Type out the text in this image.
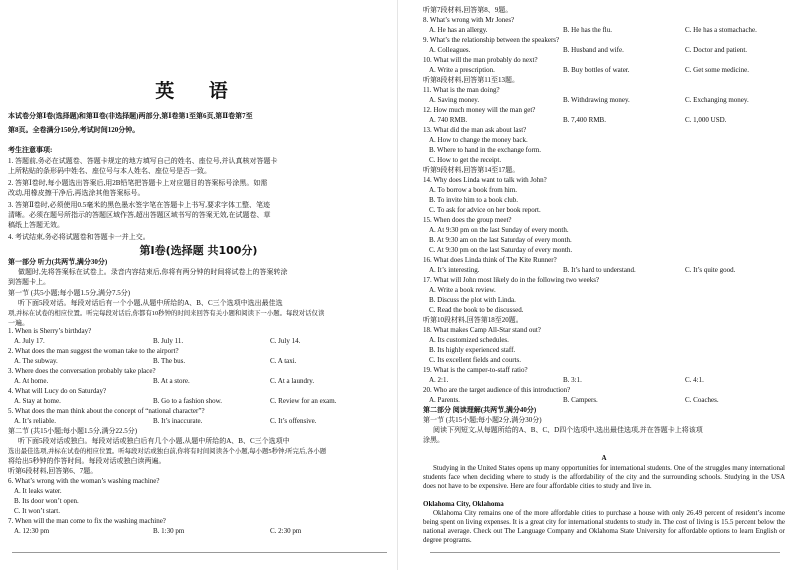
英 语
本试卷分第Ⅰ卷(选择题)和第Ⅱ卷(非选择题)两部分,第Ⅰ卷第1至第6页,第Ⅱ卷第7至
第8页。全卷满分150分,考试时间120分钟。
考生注意事项:
1. 答题前,务必在试题卷、答题卡规定的地方填写自己的姓名、座位号,并认真核对答题卡
上所粘贴的条形码中姓名、座位号与本人姓名、座位号是否一致。
2. 答第Ⅰ卷时,每小题选出答案后,用2B铅笔把答题卡上对应题目的答案标号涂黑。如需
改动,用橡皮擦干净后,再选涂其他答案标号。
3. 答第Ⅱ卷时,必须使用0.5毫米的黑色墨水签字笔在答题卡上书写,要求字体工整、笔迹
清晰。必须在题号所指示的答题区域作答,超出答题区域书写的答案无效,在试题卷、草
稿纸上答题无效。
4. 考试结束,务必将试题卷和答题卡一并上交。
第Ⅰ卷(选择题 共100分)
第一部分 听力(共两节,满分30分)
做题时,先将答案标在试卷上。录音内容结束后,你将有两分钟的时间将试卷上的答案转涂
到答题卡上。
第一节 (共5小题;每小题1.5分,满分7.5分)
听下面5段对话。每段对话后有一个小题,从题中所给的A、B、C三个选项中选出最佳选
项,并标在试卷的相应位置。听完每段对话后,你都有10秒钟的时间来回答有关小题和阅读下一小题。每段对话仅读
一遍。
1. When is Sherry’s birthday?
A. July 17.	B. July 11.	C. July 14.
2. What does the man suggest the woman take to the airport?
A. The subway.	B. The bus.	C. A taxi.
3. Where does the conversation probably take place?
A. At home.	B. At a store.	C. At a laundry.
4. What will Lucy do on Saturday?
A. Stay at home.	B. Go to a fashion show.	C. Review for an exam.
5. What does the man think about the concept of “national character”?
A. It’s reliable.	B. It’s inaccurate.	C. It’s offensive.
第二节 (共15小题;每小题1.5分,满分22.5分)
听下面5段对话或独白。每段对话或独白后有几个小题,从题中所给的A、B、C三个选项中
选出最佳选项,并标在试卷的相应位置。听每段对话或独白前,你将有时间阅读各个小题,每小题5秒钟;听完后,各小题
将给出5秒钟的作答时间。每段对话或独白读两遍。
听第6段材料,回答第6、7题。
6. What’s wrong with the woman’s washing machine?
A. It leaks water.
B. Its door won’t open.
C. It won’t start.
7. When will the man come to fix the washing machine?
A. 12:30 pm	B. 1:30 pm	C. 2:30 pm
听第7段材料,回答第8、9题。
8. What’s wrong with Mr Jones?
A. He has an allergy.	B. He has the flu.	C. He has a stomachache.
9. What’s the relationship between the speakers?
A. Colleagues.	B. Husband and wife.	C. Doctor and patient.
10. What will the man probably do next?
A. Write a prescription.	B. Buy bottles of water.	C. Get some medicine.
听第8段材料,回答第11至13题。
11. What is the man doing?
A. Saving money.	B. Withdrawing money.	C. Exchanging money.
12. How much money will the man get?
A. 740 RMB.	B. 7,400 RMB.	C. 1,000 USD.
13. What did the man ask about last?
A. How to change the money back.
B. Where to hand in the exchange form.
C. How to get the receipt.
听第9段材料,回答第14至17题。
14. Why does Linda want to talk with John?
A. To borrow a book from him.
B. To invite him to a book club.
C. To ask for advice on her book report.
15. When does the group meet?
A. At 9:30 pm on the last Sunday of every month.
B. At 9:30 am on the last Saturday of every month.
C. At 9:30 pm on the last Saturday of every month.
16. What does Linda think of The Kite Runner?
A. It’s interesting.	B. It’s hard to understand.	C. It’s quite good.
17. What will John most likely do in the following two weeks?
A. Write a book review.
B. Discuss the plot with Linda.
C. Read the book to be discussed.
听第10段材料,回答第18至20题。
18. What makes Camp All-Star stand out?
A. Its customized schedules.
B. Its highly experienced staff.
C. Its excellent fields and courts.
19. What is the camper-to-staff ratio?
A. 2:1.	B. 3:1.	C. 4:1.
20. Who are the target audience of this introduction?
A. Parents.	B. Campers.	C. Coaches.
第二部分 阅读理解(共两节,满分40分)
第一节 (共15小题;每小题2分,满分30分)
阅读下列短文,从每题所给的A、B、C、D四个选项中,选出最佳选项,并在答题卡上将该项
涂黑。
A
Studying in the United States opens up many opportunities for international students. One of the struggles many international students face when deciding where to study is the affordability of the city and the surrounding schools. Studying in the USA does not have to be expensive. Here are four affordable cities to study and live in.
Oklahoma City, Oklahoma
Oklahoma City remains one of the more affordable cities to purchase a house with only 26.49 percent of resident’s income being spent on living expenses. It is a great city for international students to study in. The cost of living is 15.5 percent below the national average. Check out The Language Company and Oklahoma State University for affordable options to learn English or degree programs.
